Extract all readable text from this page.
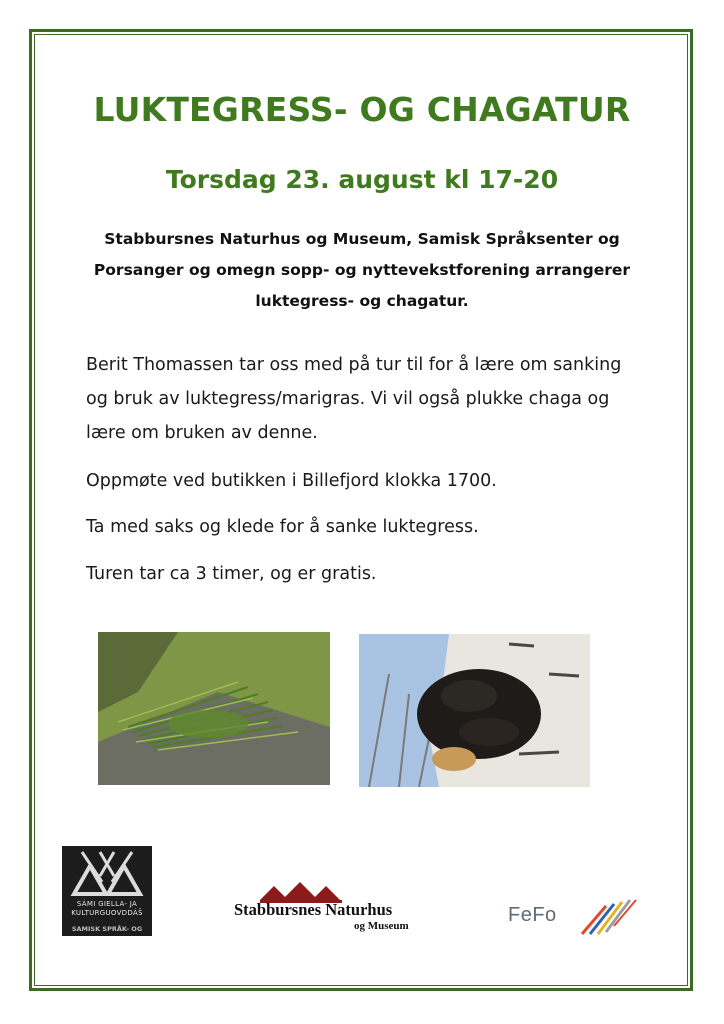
LUKTEGRESS- OG CHAGATUR
Torsdag 23. august kl 17-20
Stabbursnes Naturhus og Museum, Samisk Språksenter og Porsanger og omegn sopp- og nyttevekstforening arrangerer luktegress- og chagatur.
Berit Thomassen tar oss med på tur til for å lære om sanking og bruk av luktegress/marigras. Vi vil også plukke chaga og lære om bruken av denne.
Oppmøte ved butikken i Billefjord klokka 1700.
Ta med saks og klede for å sanke luktegress.
Turen tar ca 3 timer, og er gratis.
SÁMI GIELLA- JA
KULTURGUOVDDÁŠ
SAMISK SPRÅK- OG
Stabbursnes Naturhus
og Museum	FeFo
